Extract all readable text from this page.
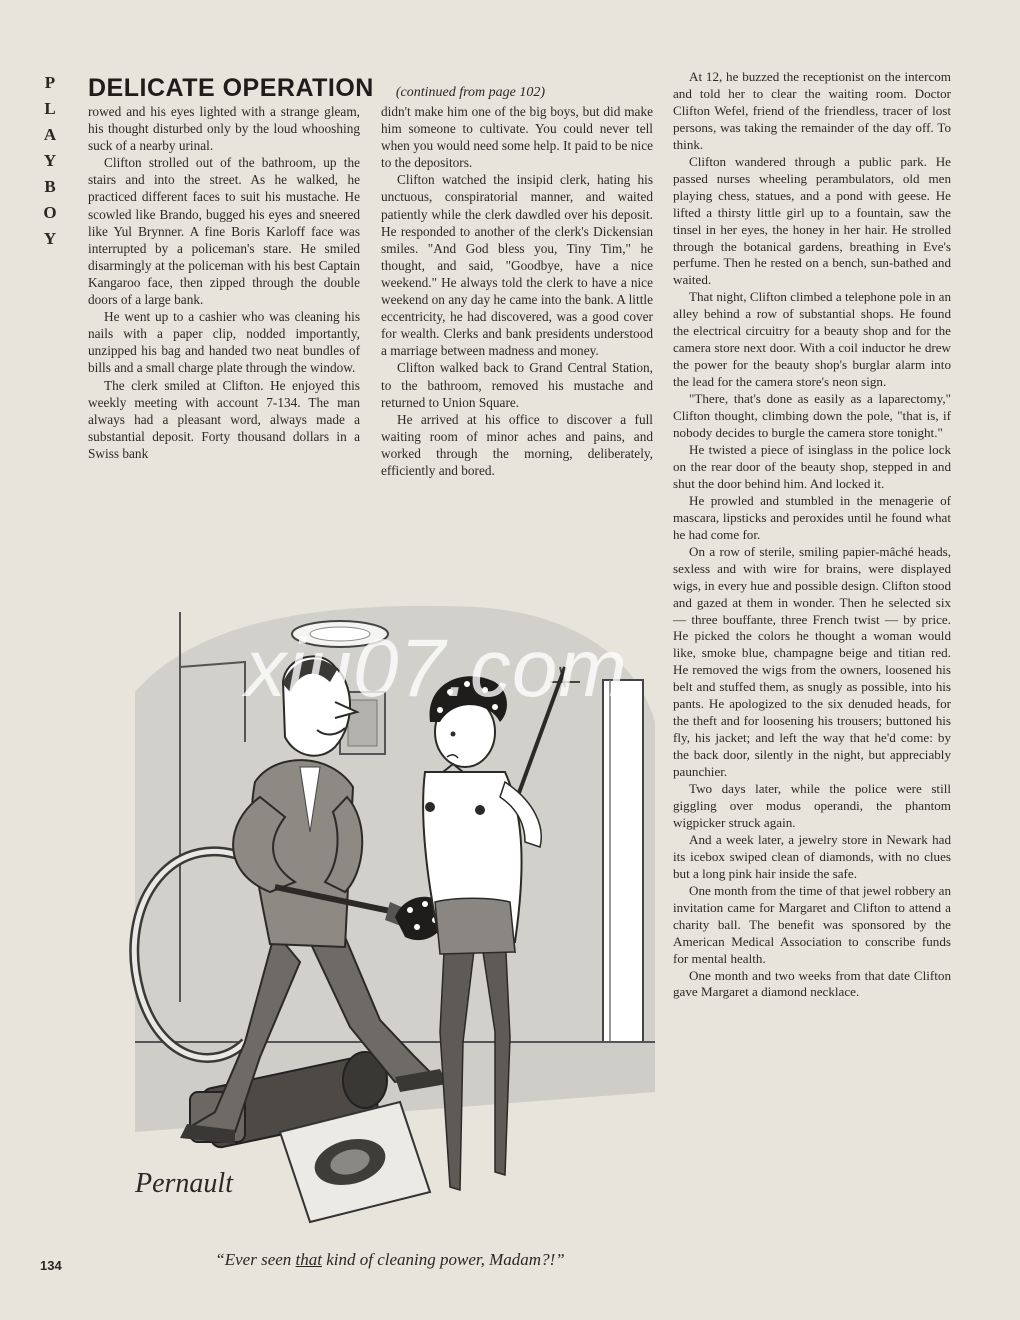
P
L
A
Y
B
O
Y
DELICATE OPERATION (continued from page 102)

rowed and his eyes lighted with a strange gleam, his thought disturbed only by the loud whooshing suck of a nearby urinal.

Clifton strolled out of the bathroom, up the stairs and into the street. As he walked, he practiced different faces to suit his mustache. He scowled like Brando, bugged his eyes and sneered like Yul Brynner. A fine Boris Karloff face was interrupted by a policeman's stare. He smiled disarmingly at the policeman with his best Captain Kangaroo face, then zipped through the double doors of a large bank.

He went up to a cashier who was cleaning his nails with a paper clip, nodded importantly, unzipped his bag and handed two neat bundles of bills and a small charge plate through the window.

The clerk smiled at Clifton. He enjoyed this weekly meeting with account 7-134. The man always had a pleasant word, always made a substantial deposit. Forty thousand dollars in a Swiss bank

didn't make him one of the big boys, but did make him someone to cultivate. You could never tell when you would need some help. It paid to be nice to the depositors.

Clifton watched the insipid clerk, hating his unctuous, conspiratorial manner, and waited patiently while the clerk dawdled over his deposit. He responded to another of the clerk's Dickensian smiles. "And God bless you, Tiny Tim," he thought, and said, "Goodbye, have a nice weekend." He always told the clerk to have a nice weekend on any day he came into the bank. A little eccentricity, he had discovered, was a good cover for wealth. Clerks and bank presidents understood a marriage between madness and money.

Clifton walked back to Grand Central Station, to the bathroom, removed his mustache and returned to Union Square.

He arrived at his office to discover a full waiting room of minor aches and pains, and worked through the morning, deliberately, efficiently and bored.

At 12, he buzzed the receptionist on the intercom and told her to clear the waiting room. Doctor Clifton Wefel, friend of the friendless, tracer of lost persons, was taking the remainder of the day off. To think.

Clifton wandered through a public park. He passed nurses wheeling perambulators, old men playing chess, statues, and a pond with geese. He lifted a thirsty little girl up to a fountain, saw the tinsel in her eyes, the honey in her hair. He strolled through the botanical gardens, breathing in Eve's perfume. Then he rested on a bench, sun-bathed and waited.

That night, Clifton climbed a telephone pole in an alley behind a row of substantial shops. He found the electrical circuitry for a beauty shop and for the camera store next door. With a coil inductor he drew the power for the beauty shop's burglar alarm into the lead for the camera store's neon sign.

"There, that's done as easily as a laparectomy," Clifton thought, climbing down the pole, "that is, if nobody decides to burgle the camera store tonight."

He twisted a piece of isinglass in the police lock on the rear door of the beauty shop, stepped in and shut the door behind him. And locked it.

He prowled and stumbled in the menagerie of mascara, lipsticks and peroxides until he found what he had come for.

On a row of sterile, smiling papier-mâché heads, sexless and with wire for brains, were displayed wigs, in every hue and possible design. Clifton stood and gazed at them in wonder. Then he selected six — three bouffante, three French twist — by price. He picked the colors he thought a woman would like, smoke blue, champagne beige and titian red. He removed the wigs from the owners, loosened his belt and stuffed them, as snugly as possible, into his pants. He apologized to the six denuded heads, for the theft and for loosening his trousers; buttoned his fly, his jacket; and left the way that he'd come: by the back door, silently in the night, but appreciably paunchier.

Two days later, while the police were still giggling over modus operandi, the phantom wigpicker struck again.

And a week later, a jewelry store in Newark had its icebox swiped clean of diamonds, with no clues but a long pink hair inside the safe.

One month from the time of that jewel robbery an invitation came for Margaret and Clifton to attend a charity ball. The benefit was sponsored by the American Medical Association to conscribe funds for mental health.

One month and two weeks from that date Clifton gave Margaret a diamond necklace.

Pernault
“Ever seen that kind of cleaning power, Madam?!”
134
xiu07.com
